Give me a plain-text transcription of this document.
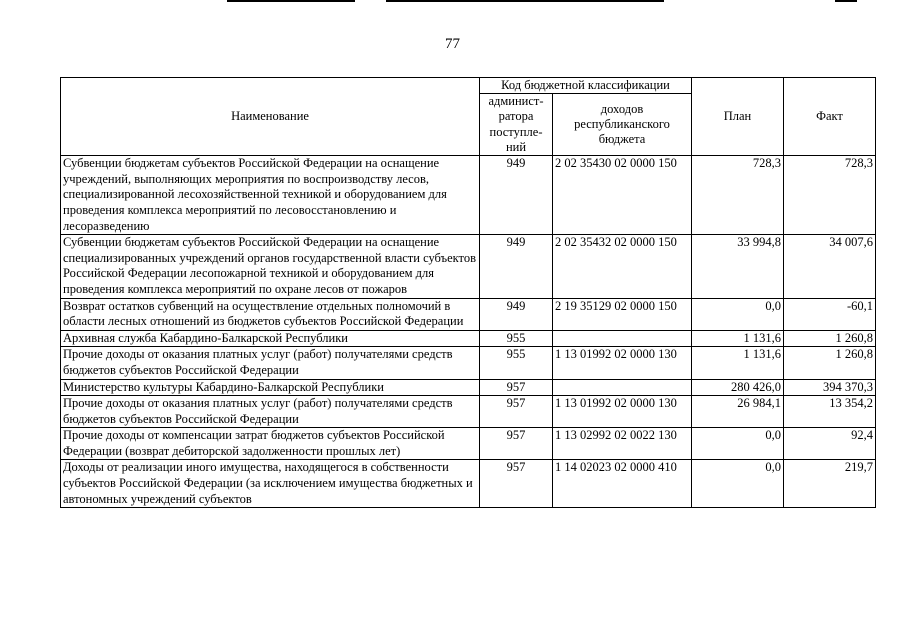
77
Наименование	Код бюджетной классификации		План	Факт
	админист-ратора поступле-ний	доходов республиканского бюджета		
Субвенции бюджетам субъектов Российской Федерации на оснащение учреждений, выполняющих мероприятия по воспроизводству лесов, специализированной лесохозяйственной техникой и оборудованием для проведения комплекса мероприятий по лесовосстановлению и лесоразведению	949	2 02 35430 02 0000 150	728,3	728,3
Субвенции бюджетам субъектов Российской Федерации на оснащение специализированных учреждений органов государственной власти субъектов Российской Федерации лесопожарной техникой и оборудованием для проведения комплекса мероприятий по охране лесов от пожаров	949	2 02 35432 02 0000 150	33 994,8	34 007,6
Возврат остатков субвенций на осуществление отдельных полномочий в области лесных отношений из бюджетов субъектов Российской Федерации	949	2 19 35129 02 0000 150	0,0	-60,1
Архивная служба Кабардино-Балкарской Республики	955		1 131,6	1 260,8
Прочие доходы от оказания платных услуг (работ) получателями средств бюджетов субъектов Российской Федерации	955	1 13 01992 02 0000 130	1 131,6	1 260,8
Министерство культуры Кабардино-Балкарской Республики	957		280 426,0	394 370,3
Прочие доходы от оказания платных услуг (работ) получателями средств бюджетов субъектов Российской Федерации	957	1 13 01992 02 0000 130	26 984,1	13 354,2
Прочие доходы от компенсации затрат бюджетов субъектов Российской Федерации (возврат дебиторской задолженности прошлых лет)	957	1 13 02992 02 0022 130	0,0	92,4
Доходы от реализации иного имущества, находящегося в собственности субъектов Российской Федерации (за исключением имущества бюджетных и автономных учреждений субъектов	957	1 14 02023 02 0000 410	0,0	219,7
